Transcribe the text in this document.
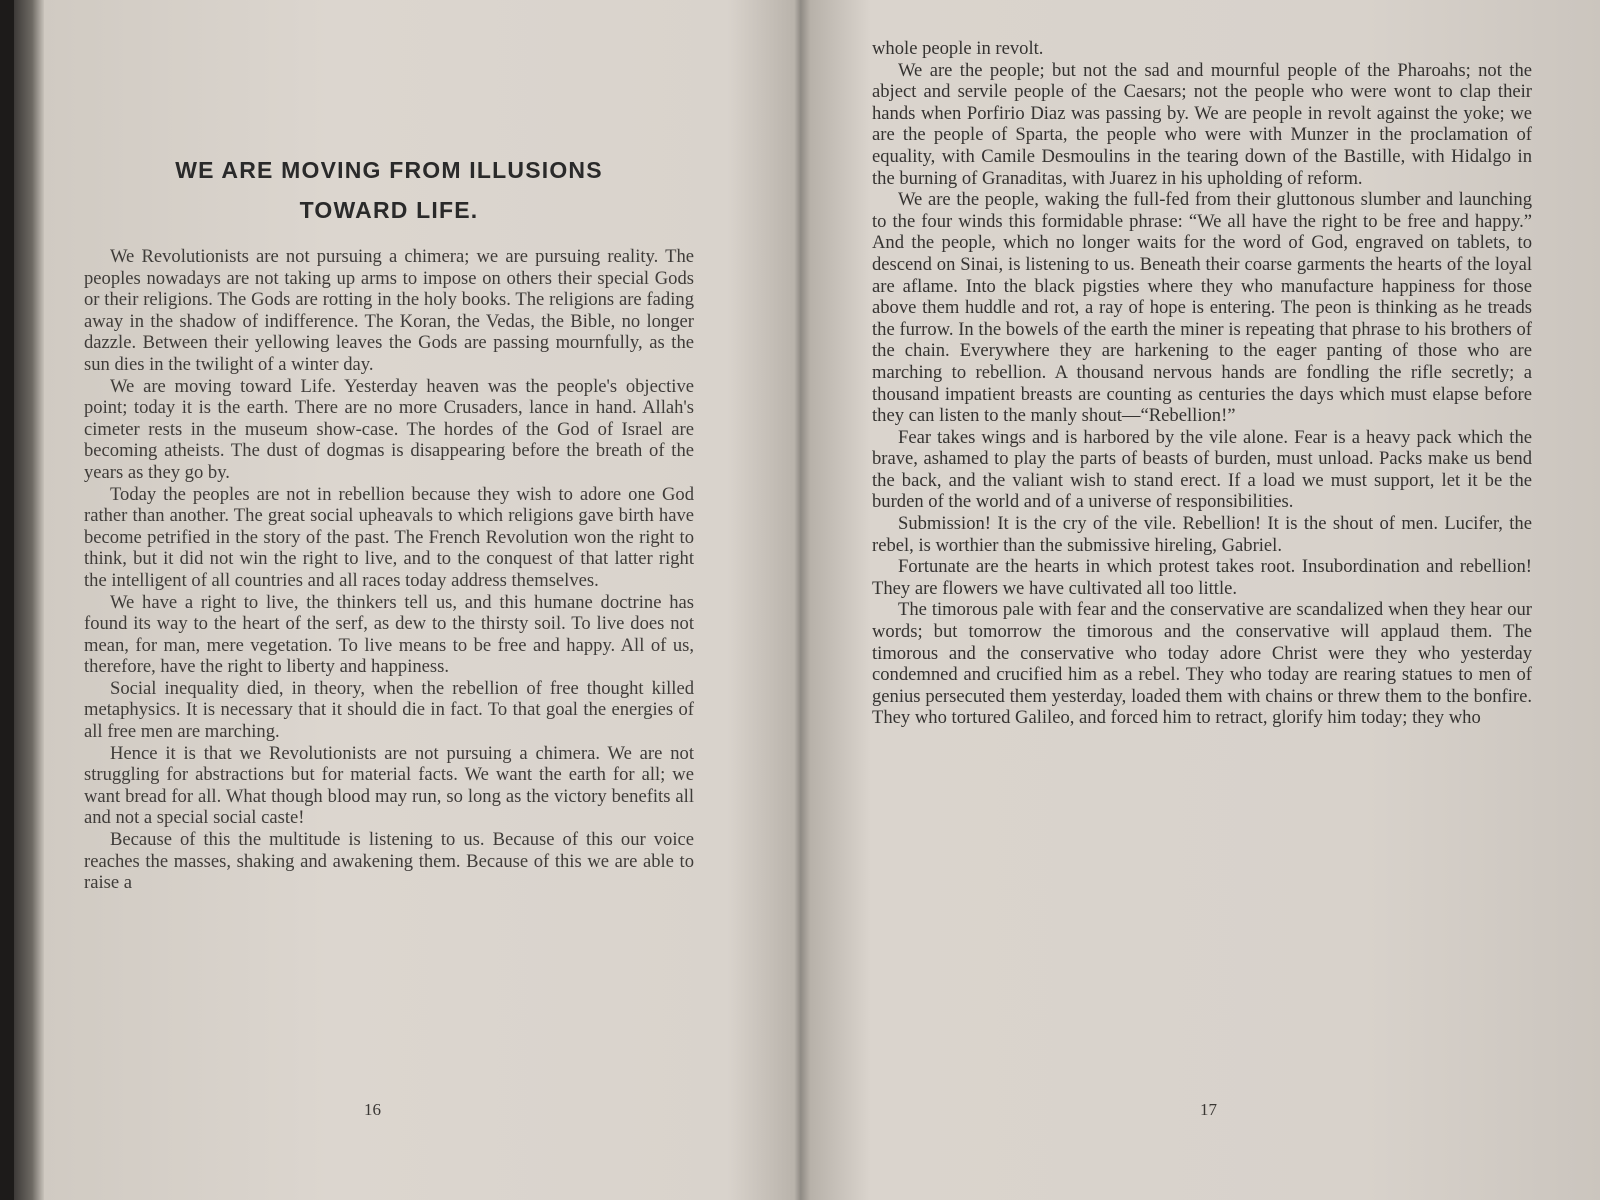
WE ARE MOVING FROM ILLUSIONS
TOWARD LIFE.

We Revolutionists are not pursuing a chimera; we are pursuing reality. The peoples nowadays are not taking up arms to impose on others their special Gods or their religions. The Gods are rotting in the holy books. The religions are fading away in the shadow of indifference. The Koran, the Vedas, the Bible, no longer dazzle. Between their yellowing leaves the Gods are passing mournfully, as the sun dies in the twilight of a winter day.

We are moving toward Life. Yesterday heaven was the people's objective point; today it is the earth. There are no more Crusaders, lance in hand. Allah's cimeter rests in the museum show-case. The hordes of the God of Israel are becoming atheists. The dust of dogmas is disappearing before the breath of the years as they go by.

Today the peoples are not in rebellion because they wish to adore one God rather than another. The great social upheavals to which religions gave birth have become petrified in the story of the past. The French Revolution won the right to think, but it did not win the right to live, and to the conquest of that latter right the intelligent of all countries and all races today address themselves.

We have a right to live, the thinkers tell us, and this humane doctrine has found its way to the heart of the serf, as dew to the thirsty soil. To live does not mean, for man, mere vegetation. To live means to be free and happy. All of us, therefore, have the right to liberty and happiness.

Social inequality died, in theory, when the rebellion of free thought killed metaphysics. It is necessary that it should die in fact. To that goal the energies of all free men are marching.

Hence it is that we Revolutionists are not pursuing a chimera. We are not struggling for abstractions but for material facts. We want the earth for all; we want bread for all. What though blood may run, so long as the victory benefits all and not a special social caste!

Because of this the multitude is listening to us. Because of this our voice reaches the masses, shaking and awakening them. Because of this we are able to raise a

16

whole people in revolt.

We are the people; but not the sad and mournful people of the Pharoahs; not the abject and servile people of the Caesars; not the people who were wont to clap their hands when Porfirio Diaz was passing by. We are people in revolt against the yoke; we are the people of Sparta, the people who were with Munzer in the proclamation of equality, with Camile Desmoulins in the tearing down of the Bastille, with Hidalgo in the burning of Granaditas, with Juarez in his upholding of reform.

We are the people, waking the full-fed from their gluttonous slumber and launching to the four winds this formidable phrase: “We all have the right to be free and happy.” And the people, which no longer waits for the word of God, engraved on tablets, to descend on Sinai, is listening to us. Beneath their coarse garments the hearts of the loyal are aflame. Into the black pigsties where they who manufacture happiness for those above them huddle and rot, a ray of hope is entering. The peon is thinking as he treads the furrow. In the bowels of the earth the miner is repeating that phrase to his brothers of the chain. Everywhere they are harkening to the eager panting of those who are marching to rebellion. A thousand nervous hands are fondling the rifle secretly; a thousand impatient breasts are counting as centuries the days which must elapse before they can listen to the manly shout—“Rebellion!”

Fear takes wings and is harbored by the vile alone. Fear is a heavy pack which the brave, ashamed to play the parts of beasts of burden, must unload. Packs make us bend the back, and the valiant wish to stand erect. If a load we must support, let it be the burden of the world and of a universe of responsibilities.

Submission! It is the cry of the vile. Rebellion! It is the shout of men. Lucifer, the rebel, is worthier than the submissive hireling, Gabriel.

Fortunate are the hearts in which protest takes root. Insubordination and rebellion! They are flowers we have cultivated all too little.

The timorous pale with fear and the conservative are scandalized when they hear our words; but tomorrow the timorous and the conservative will applaud them. The timorous and the conservative who today adore Christ were they who yesterday condemned and crucified him as a rebel. They who today are rearing statues to men of genius persecuted them yesterday, loaded them with chains or threw them to the bonfire. They who tortured Galileo, and forced him to retract, glorify him today; they who

17
